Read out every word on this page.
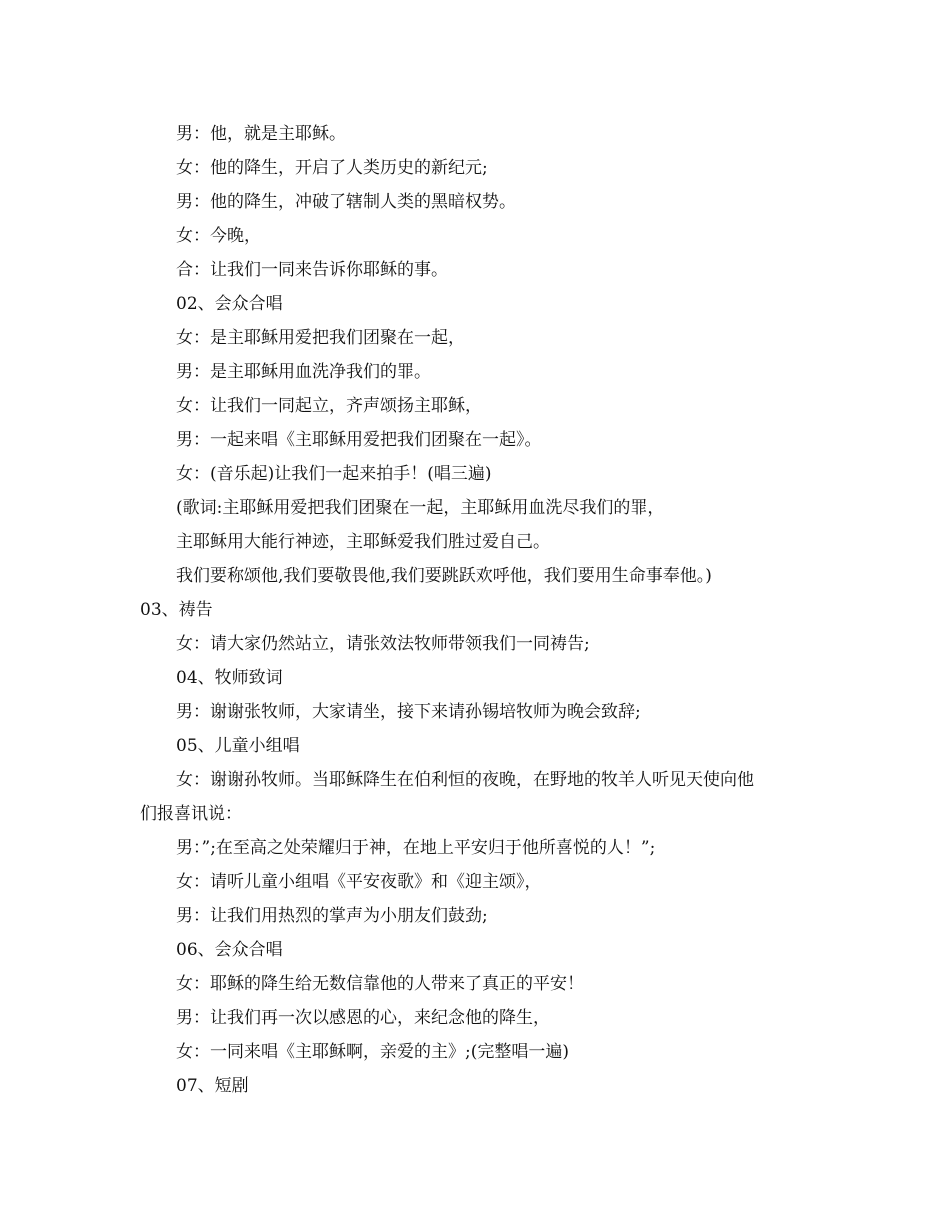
男：他，就是主耶稣。
女：他的降生，开启了人类历史的新纪元;
男：他的降生，冲破了辖制人类的黑暗权势。
女：今晚，
合：让我们一同来告诉你耶稣的事。
02、会众合唱
女：是主耶稣用爱把我们团聚在一起，
男：是主耶稣用血洗净我们的罪。
女：让我们一同起立，齐声颂扬主耶稣，
男：一起来唱《主耶稣用爱把我们团聚在一起》。
女：(音乐起)让我们一起来拍手！(唱三遍)
(歌词:主耶稣用爱把我们团聚在一起，主耶稣用血洗尽我们的罪，
主耶稣用大能行神迹，主耶稣爱我们胜过爱自己。
我们要称颂他,我们要敬畏他,我们要跳跃欢呼他，我们要用生命事奉他。)
03、祷告
女：请大家仍然站立，请张效法牧师带领我们一同祷告;
04、牧师致词
男：谢谢张牧师，大家请坐，接下来请孙锡培牧师为晚会致辞;
05、儿童小组唱
女：谢谢孙牧师。当耶稣降生在伯利恒的夜晚，在野地的牧羊人听见天使向他
们报喜讯说：
男：”;在至高之处荣耀归于神，在地上平安归于他所喜悦的人！”;
女：请听儿童小组唱《平安夜歌》和《迎主颂》，
男：让我们用热烈的掌声为小朋友们鼓劲;
06、会众合唱
女：耶稣的降生给无数信靠他的人带来了真正的平安！
男：让我们再一次以感恩的心，来纪念他的降生，
女：一同来唱《主耶稣啊，亲爱的主》;(完整唱一遍)
07、短剧
